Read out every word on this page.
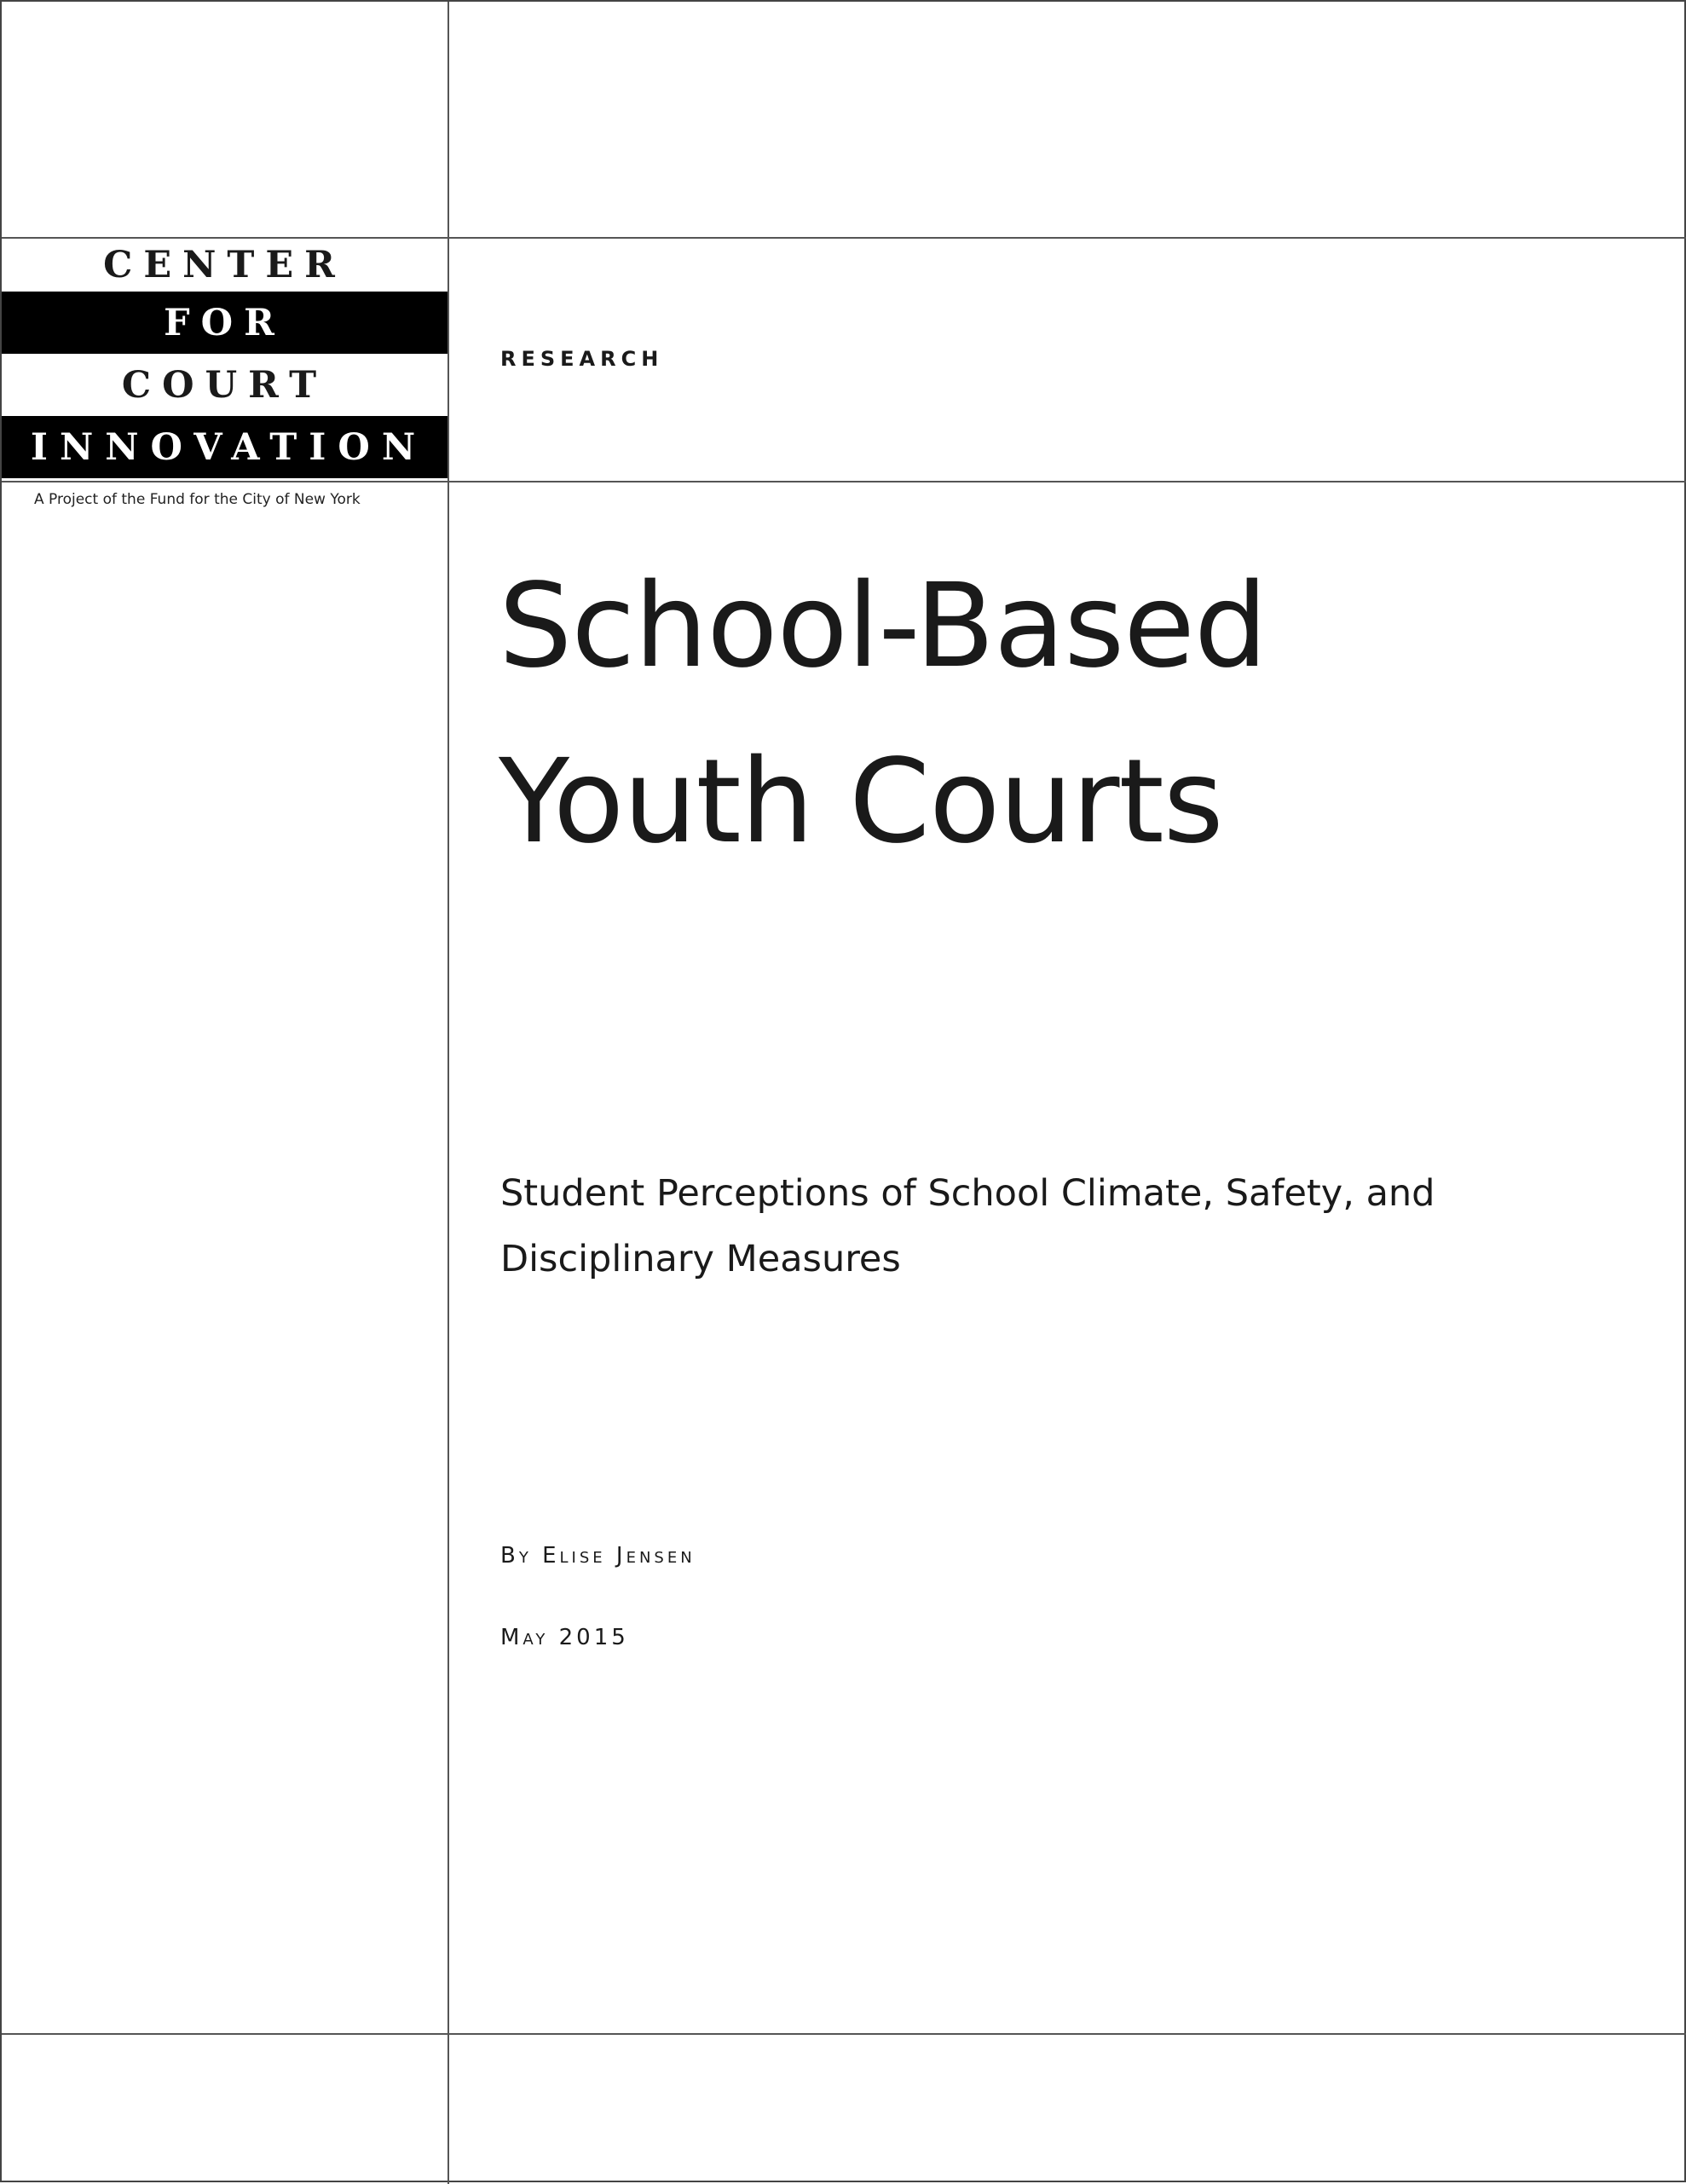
CENTER
FOR
COURT
INNOVATION
A Project of the Fund for the City of New York
RESEARCH
School-Based
Youth Courts
Student Perceptions of School Climate, Safety, and Disciplinary Measures
By Elise Jensen
May 2015
